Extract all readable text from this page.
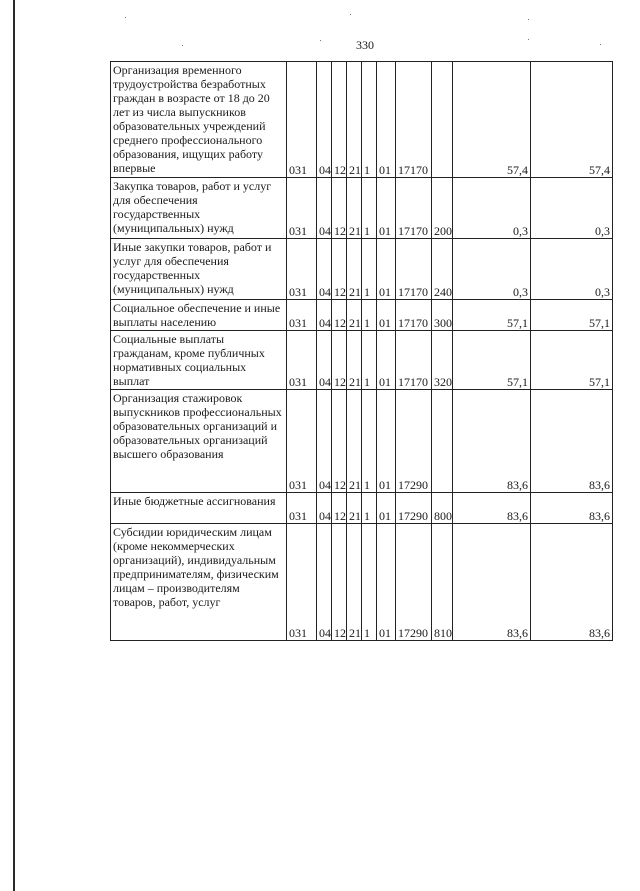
330
Организация временного трудоустройства безработных граждан в возрасте от 18 до 20 лет из числа выпускников образовательных учреждений среднего профессионального образования, ищущих работу впервые	031	04	12	21	1	01	17170		57,4	57,4
Закупка товаров, работ и услуг для обеспечения государственных (муниципальных) нужд	031	04	12	21	1	01	17170	200	0,3	0,3
Иные закупки товаров, работ и услуг для обеспечения государственных (муниципальных) нужд	031	04	12	21	1	01	17170	240	0,3	0,3
Социальное обеспечение и иные выплаты населению	031	04	12	21	1	01	17170	300	57,1	57,1
Социальные выплаты гражданам, кроме публичных нормативных социальных выплат	031	04	12	21	1	01	17170	320	57,1	57,1
Организация стажировок выпускников профессиональных образовательных организаций и образовательных организаций высшего образования	031	04	12	21	1	01	17290		83,6	83,6
Иные бюджетные ассигнования	031	04	12	21	1	01	17290	800	83,6	83,6
Субсидии юридическим лицам (кроме некоммерческих организаций), индивидуальным предпринимателям, физическим лицам – производителям товаров, работ, услуг	031	04	12	21	1	01	17290	810	83,6	83,6
